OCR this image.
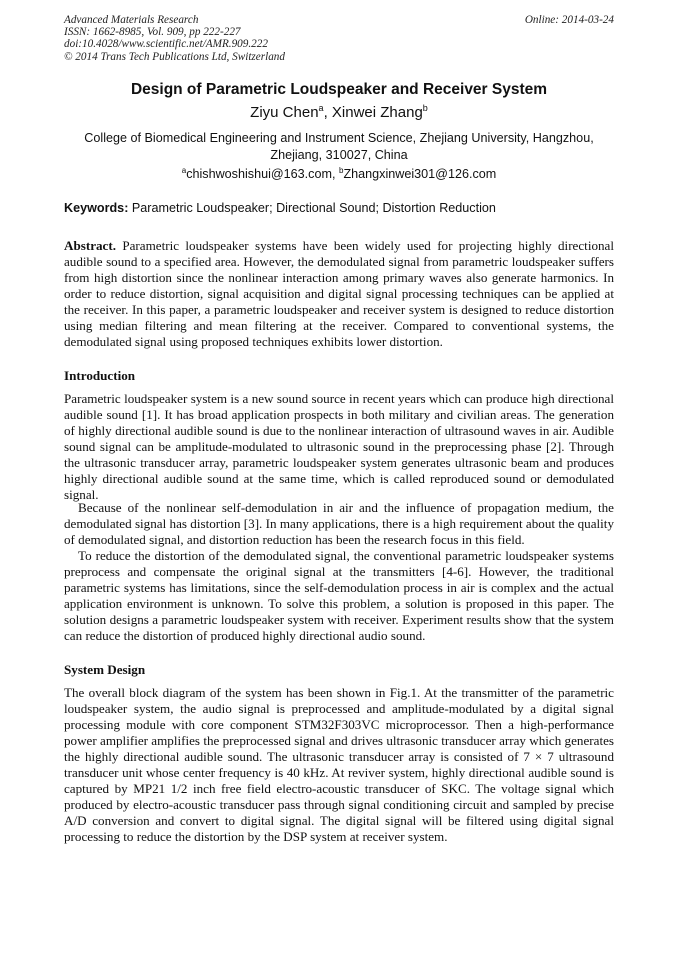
Advanced Materials Research
ISSN: 1662-8985, Vol. 909, pp 222-227
doi:10.4028/www.scientific.net/AMR.909.222
© 2014 Trans Tech Publications Ltd, Switzerland
Online: 2014-03-24
Design of Parametric Loudspeaker and Receiver System
Ziyu Chen$^a$, Xinwei Zhang$^b$
College of Biomedical Engineering and Instrument Science, Zhejiang University, Hangzhou, Zhejiang, 310027, China
$^a$chishwoshishui@163.com, $^b$Zhangxinwei301@126.com
Keywords: Parametric Loudspeaker; Directional Sound; Distortion Reduction
Abstract. Parametric loudspeaker systems have been widely used for projecting highly directional audible sound to a specified area. However, the demodulated signal from parametric loudspeaker suffers from high distortion since the nonlinear interaction among primary waves also generate harmonics. In order to reduce distortion, signal acquisition and digital signal processing techniques can be applied at the receiver. In this paper, a parametric loudspeaker and receiver system is designed to reduce distortion using median filtering and mean filtering at the receiver. Compared to conventional systems, the demodulated signal using proposed techniques exhibits lower distortion.
Introduction
Parametric loudspeaker system is a new sound source in recent years which can produce high directional audible sound [1]. It has broad application prospects in both military and civilian areas. The generation of highly directional audible sound is due to the nonlinear interaction of ultrasound waves in air. Audible sound signal can be amplitude-modulated to ultrasonic sound in the preprocessing phase [2]. Through the ultrasonic transducer array, parametric loudspeaker system generates ultrasonic beam and produces highly directional audible sound at the same time, which is called reproduced sound or demodulated signal.
Because of the nonlinear self-demodulation in air and the influence of propagation medium, the demodulated signal has distortion [3]. In many applications, there is a high requirement about the quality of demodulated signal, and distortion reduction has been the research focus in this field.
To reduce the distortion of the demodulated signal, the conventional parametric loudspeaker systems preprocess and compensate the original signal at the transmitters [4-6]. However, the traditional parametric systems has limitations, since the self-demodulation process in air is complex and the actual application environment is unknown. To solve this problem, a solution is proposed in this paper. The solution designs a parametric loudspeaker system with receiver. Experiment results show that the system can reduce the distortion of produced highly directional audio sound.
System Design
The overall block diagram of the system has been shown in Fig.1. At the transmitter of the parametric loudspeaker system, the audio signal is preprocessed and amplitude-modulated by a digital signal processing module with core component STM32F303VC microprocessor. Then a high-performance power amplifier amplifies the preprocessed signal and drives ultrasonic transducer array which generates the highly directional audible sound. The ultrasonic transducer array is consisted of 7 × 7 ultrasound transducer unit whose center frequency is 40 kHz. At reviver system, highly directional audible sound is captured by MP21 1/2 inch free field electro-acoustic transducer of SKC. The voltage signal which produced by electro-acoustic transducer pass through signal conditioning circuit and sampled by precise A/D conversion and convert to digital signal. The digital signal will be filtered using digital signal processing to reduce the distortion by the DSP system at receiver system.
